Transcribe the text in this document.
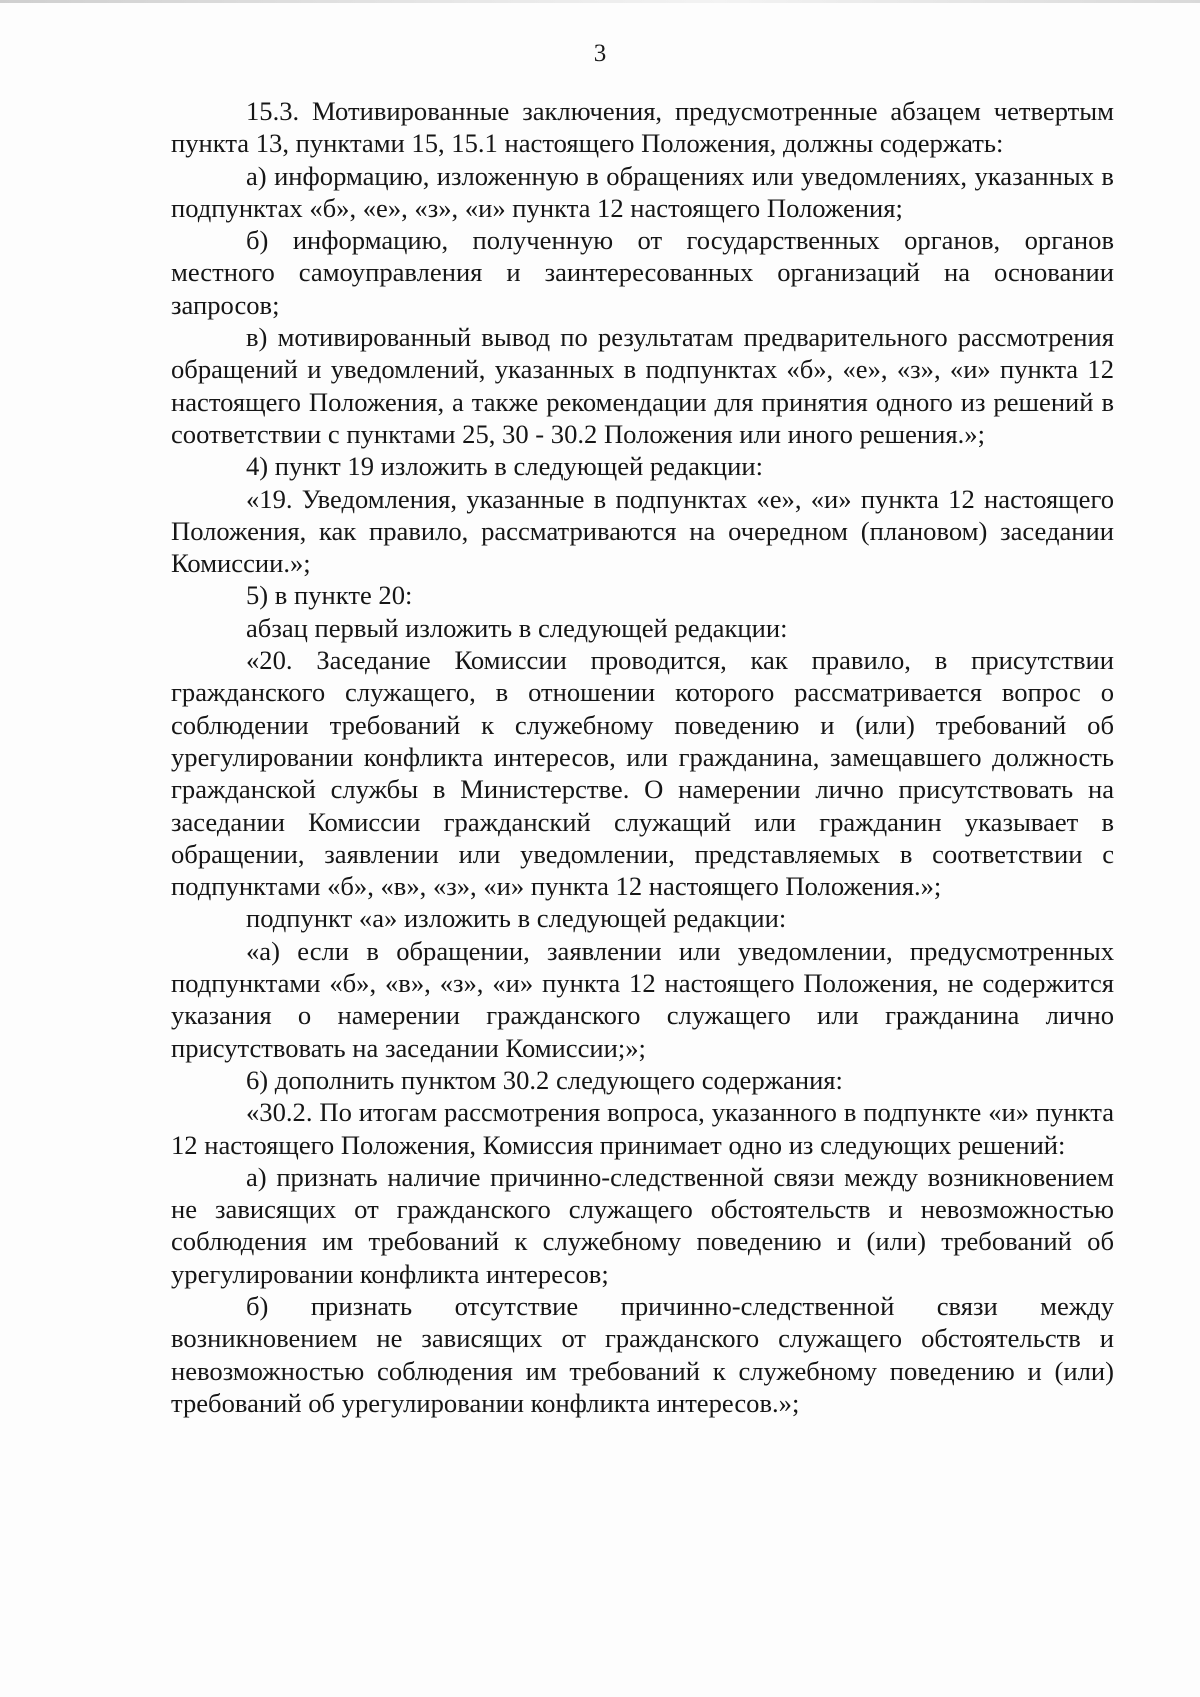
3

15.3. Мотивированные заключения, предусмотренные абзацем четвертым пункта 13, пунктами 15, 15.1 настоящего Положения, должны содержать:

а) информацию, изложенную в обращениях или уведомлениях, указанных в подпунктах «б», «е», «з», «и» пункта 12 настоящего Положения;

б) информацию, полученную от государственных органов, органов местного самоуправления и заинтересованных организаций на основании запросов;

в) мотивированный вывод по результатам предварительного рассмотрения обращений и уведомлений, указанных в подпунктах «б», «е», «з», «и» пункта 12 настоящего Положения, а также рекомендации для принятия одного из решений в соответствии с пунктами 25, 30 - 30.2 Положения или иного решения.»;

4) пункт 19 изложить в следующей редакции:

«19. Уведомления, указанные в подпунктах «е», «и» пункта 12 настоящего Положения, как правило, рассматриваются на очередном (плановом) заседании Комиссии.»;

5) в пункте 20:

абзац первый изложить в следующей редакции:

«20. Заседание Комиссии проводится, как правило, в присутствии гражданского служащего, в отношении которого рассматривается вопрос о соблюдении требований к служебному поведению и (или) требований об урегулировании конфликта интересов, или гражданина, замещавшего должность гражданской службы в Министерстве. О намерении лично присутствовать на заседании Комиссии гражданский служащий или гражданин указывает в обращении, заявлении или уведомлении, представляемых в соответствии с подпунктами «б», «в», «з», «и» пункта 12 настоящего Положения.»;

подпункт «а» изложить в следующей редакции:

«а) если в обращении, заявлении или уведомлении, предусмотренных подпунктами «б», «в», «з», «и» пункта 12 настоящего Положения, не содержится указания о намерении гражданского служащего или гражданина лично присутствовать на заседании Комиссии;»;

6) дополнить пунктом 30.2 следующего содержания:

«30.2. По итогам рассмотрения вопроса, указанного в подпункте «и» пункта 12 настоящего Положения, Комиссия принимает одно из следующих решений:

а) признать наличие причинно-следственной связи между возникновением не зависящих от гражданского служащего обстоятельств и невозможностью соблюдения им требований к служебному поведению и (или) требований об урегулировании конфликта интересов;

б) признать отсутствие причинно-следственной связи между возникновением не зависящих от гражданского служащего обстоятельств и невозможностью соблюдения им требований к служебному поведению и (или) требований об урегулировании конфликта интересов.»;
